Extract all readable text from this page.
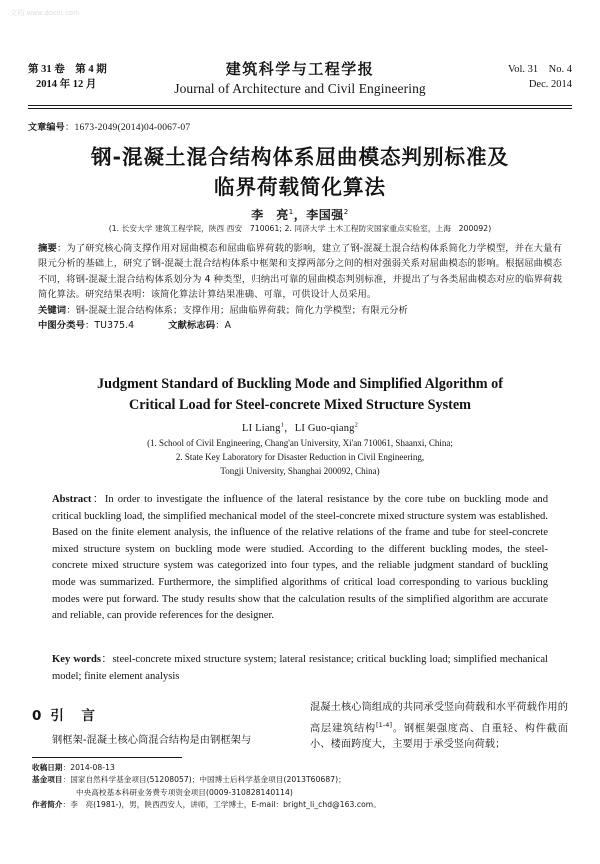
文档 www.docin.com
第 31 卷　第 4 期
2014 年 12 月
建筑科学与工程学报
Journal of Architecture and Civil Engineering
Vol. 31　No. 4
Dec. 2014
文章编号：1673-2049(2014)04-0067-07
钢-混凝土混合结构体系屈曲模态判别标准及
临界荷载简化算法
李　亮$^1$，李国强$^2$
(1. 长安大学 建筑工程学院，陕西 西安　710061; 2. 同济大学 土木工程防灾国家重点实验室，上海　200092)

摘要：为了研究核心筒支撑作用对屈曲模态和屈曲临界荷载的影响，建立了钢-混凝土混合结构体系简化力学模型，并在大量有限元分析的基础上，研究了钢-混凝土混合结构体系中框架和支撑两部分之间的相对强弱关系对屈曲模态的影响。根据屈曲模态不同，将钢-混凝土混合结构体系划分为 4 种类型，归纳出可靠的屈曲模态判别标准，并提出了与各类屈曲模态对应的临界荷载简化算法。研究结果表明：该简化算法计算结果准确、可靠，可供设计人员采用。

关键词：钢-混凝土混合结构体系；支撑作用；屈曲临界荷载；简化力学模型；有限元分析

中图分类号：TU375.4	文献标志码：A

Judgment Standard of Buckling Mode and Simplified Algorithm of
Critical Load for Steel-concrete Mixed Structure System
LI Liang$^1$，LI Guo-qiang$^2$
(1. School of Civil Engineering, Chang'an University, Xi'an 710061, Shaanxi, China;
2. State Key Laboratory for Disaster Reduction in Civil Engineering,
Tongji University, Shanghai 200092, China)
Abstract：In order to investigate the influence of the lateral resistance by the core tube on buckling mode and critical buckling load, the simplified mechanical model of the steel-concrete mixed structure system was established. Based on the finite element analysis, the influence of the relative relations of the frame and tube for steel-concrete mixed structure system on buckling mode were studied. According to the different buckling modes, the steel-concrete mixed structure system was categorized into four types, and the reliable judgment standard of buckling mode was summarized. Furthermore, the simplified algorithms of critical load corresponding to various buckling modes were put forward. The study results show that the calculation results of the simplified algorithm are accurate and reliable, can provide references for the designer.
Key words：steel-concrete mixed structure system; lateral resistance; critical buckling load; simplified mechanical model; finite element analysis
0 引　言

钢框架-混凝土核心筒混合结构是由钢框架与

混凝土核心筒组成的共同承受竖向荷载和水平荷载作用的高层建筑结构[1-4]。钢框架强度高、自重轻、构件截面小、楼面跨度大，主要用于承受竖向荷载；

收稿日期：2014-08-13

基金项目：国家自然科学基金项目(51208057)；中国博士后科学基金项目(2013T60687)；

中央高校基本科研业务费专项资金项目(0009-310828140114)

作者简介：李　亮(1981-)，男，陕西西安人，讲师，工学博士，E-mail：bright_li_chd@163.com。
